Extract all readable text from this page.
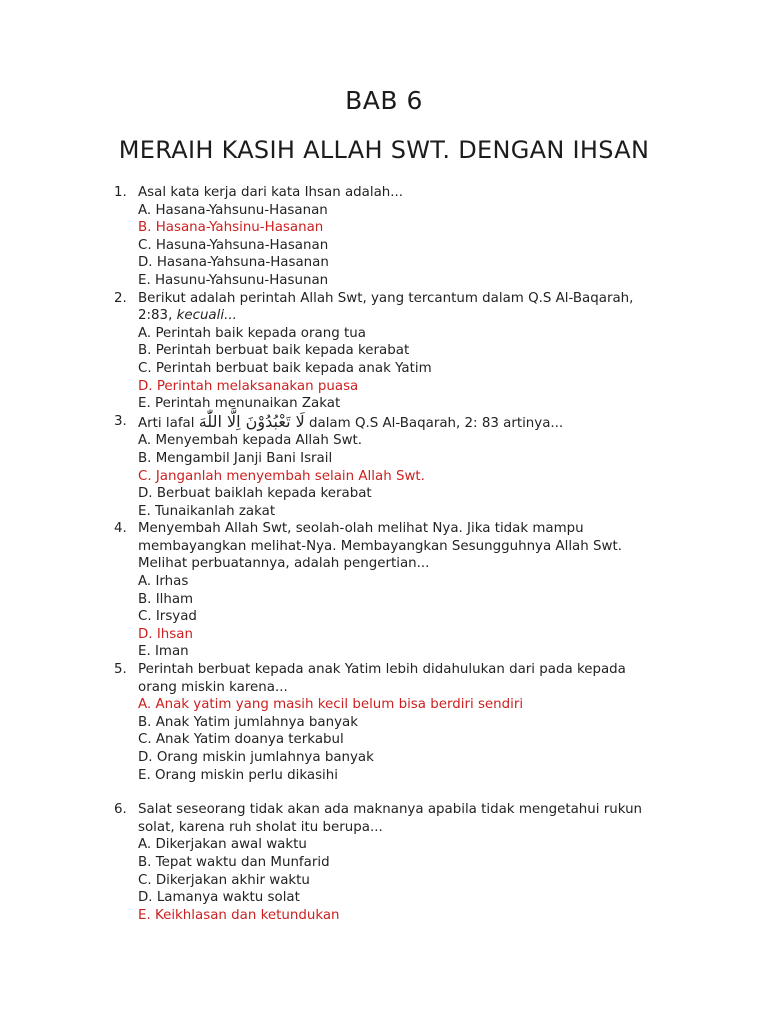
BAB 6
MERAIH KASIH ALLAH SWT. DENGAN IHSAN
1. Asal kata kerja dari kata Ihsan adalah...
A. Hasana-Yahsunu-Hasanan
B. Hasana-Yahsinu-Hasanan
C. Hasuna-Yahsuna-Hasanan
D. Hasana-Yahsuna-Hasanan
E. Hasunu-Yahsunu-Hasunan
2. Berikut adalah perintah Allah Swt, yang tercantum dalam Q.S Al-Baqarah,
2:83, kecuali...
A. Perintah baik kepada orang tua
B. Perintah berbuat baik kepada kerabat
C. Perintah berbuat baik kepada anak Yatim
D. Perintah melaksanakan puasa
E. Perintah menunaikan Zakat
3. Arti lafal لَا تَعْبُدُوْنَ اِلَّا اللّٰهَ dalam Q.S Al-Baqarah, 2: 83 artinya...
A. Menyembah kepada Allah Swt.
B. Mengambil Janji Bani Israil
C. Janganlah menyembah selain Allah Swt.
D. Berbuat baiklah kepada kerabat
E. Tunaikanlah zakat
4. Menyembah Allah Swt, seolah-olah melihat Nya. Jika tidak mampu
membayangkan melihat-Nya. Membayangkan Sesungguhnya Allah Swt.
Melihat perbuatannya, adalah pengertian...
A. Irhas
B. Ilham
C. Irsyad
D. Ihsan
E. Iman
5. Perintah berbuat kepada anak Yatim lebih didahulukan dari pada kepada
orang miskin karena...
A. Anak yatim yang masih kecil belum bisa berdiri sendiri
B. Anak Yatim jumlahnya banyak
C. Anak Yatim doanya terkabul
D. Orang miskin jumlahnya banyak
E. Orang miskin perlu dikasihi
6. Salat seseorang tidak akan ada maknanya apabila tidak mengetahui rukun
solat, karena ruh sholat itu berupa...
A. Dikerjakan awal waktu
B. Tepat waktu dan Munfarid
C. Dikerjakan akhir waktu
D. Lamanya waktu solat
E. Keikhlasan dan ketundukan
